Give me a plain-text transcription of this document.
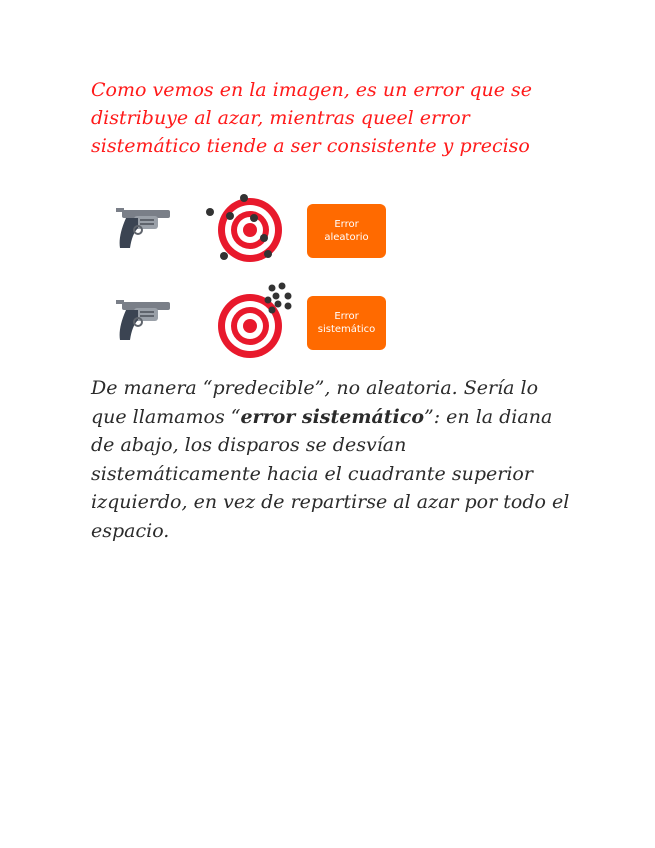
Como vemos en la imagen, es un error que se distribuye al azar, mientras queel error sistemático tiende a ser consistente y preciso

Error
aleatorio
Error
sistemático

De manera “predecible”, no aleatoria. Sería lo que llamamos “error sistemático”: en la diana de abajo, los disparos se desvían sistemáticamente hacia el cuadrante superior izquierdo, en vez de repartirse al azar por todo el espacio.
